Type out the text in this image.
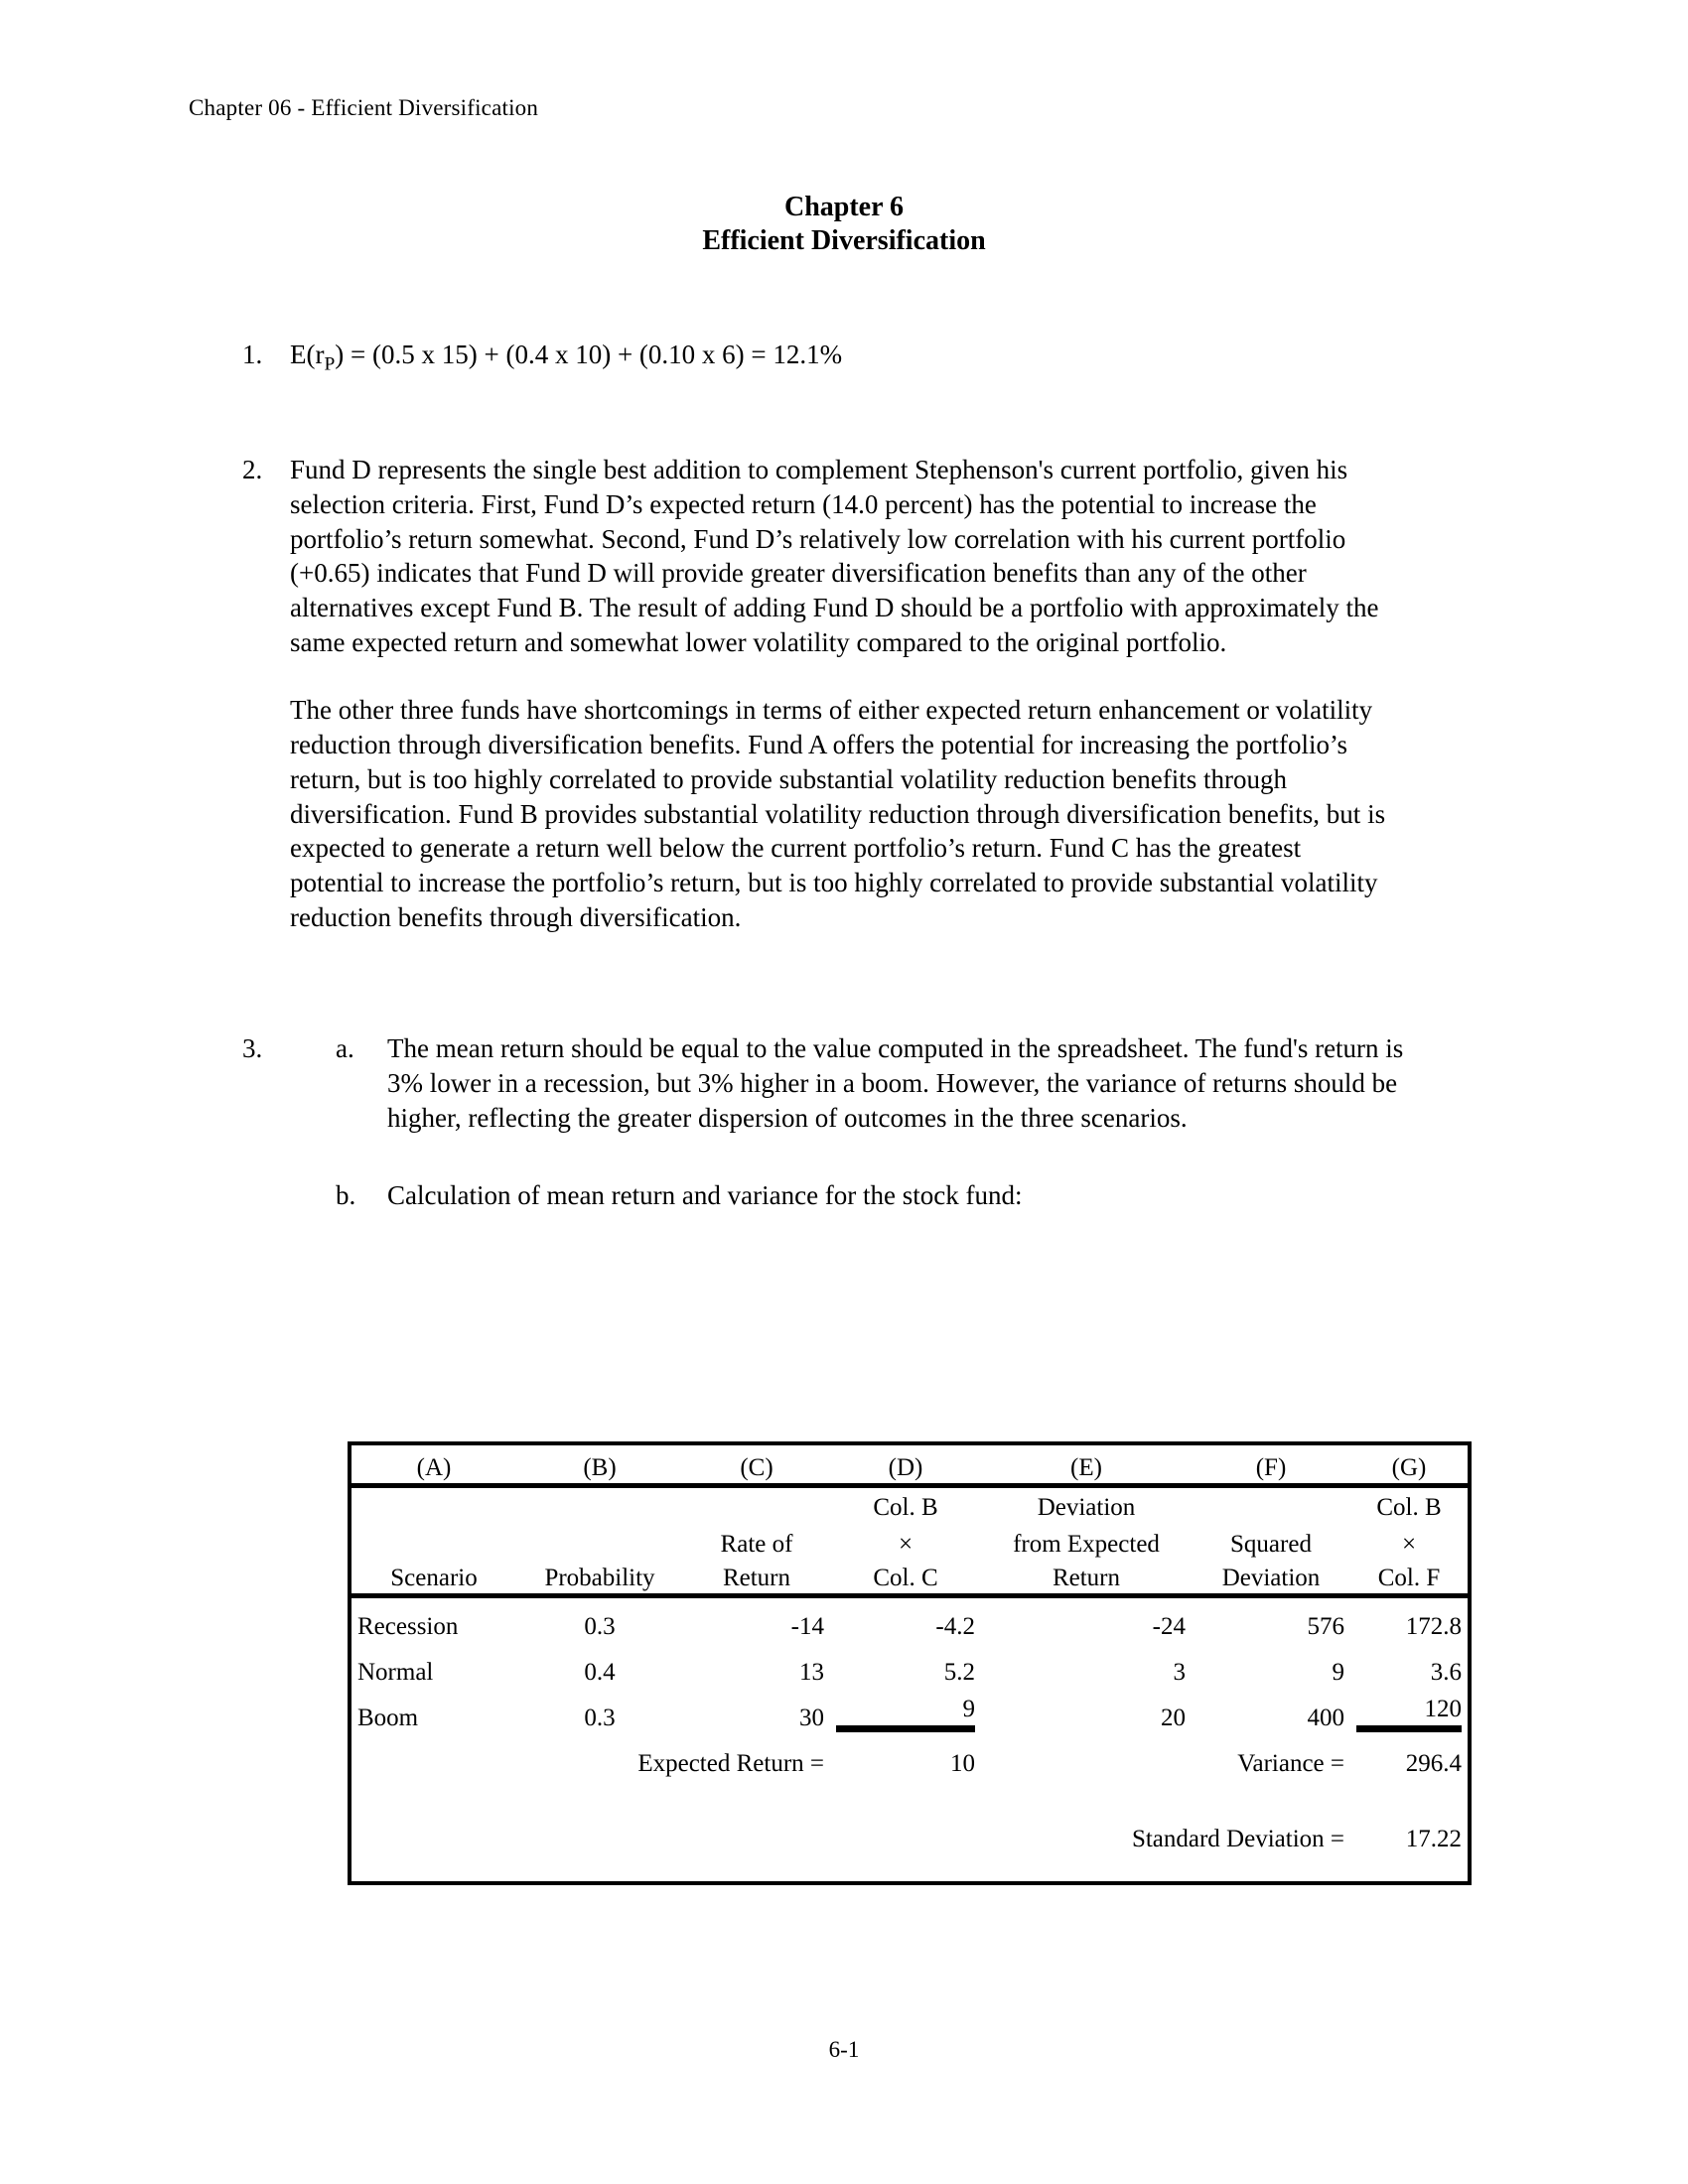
Chapter 06 - Efficient Diversification
Chapter 6
Efficient Diversification
1.	$E(r_P) = (0.5$ x 15) + (0.4 x 10) + (0.10 x 6) = 12.1%
2.	Fund D represents the single best addition to complement Stephenson's current portfolio, given his selection criteria. First, Fund D’s expected return (14.0 percent) has the potential to increase the portfolio’s return somewhat. Second, Fund D’s relatively low correlation with his current portfolio (+0.65) indicates that Fund D will provide greater diversification benefits than any of the other alternatives except Fund B. The result of adding Fund D should be a portfolio with approximately the same expected return and somewhat lower volatility compared to the original portfolio.

The other three funds have shortcomings in terms of either expected return enhancement or volatility reduction through diversification benefits. Fund A offers the potential for increasing the portfolio’s return, but is too highly correlated to provide substantial volatility reduction benefits through diversification. Fund B provides substantial volatility reduction through diversification benefits, but is expected to generate a return well below the current portfolio’s return. Fund C has the greatest potential to increase the portfolio’s return, but is too highly correlated to provide substantial volatility reduction benefits through diversification.

3.	a.	The mean return should be equal to the value computed in the spreadsheet. The fund's return is 3% lower in a recession, but 3% higher in a boom. However, the variance of returns should be higher, reflecting the greater dispersion of outcomes in the three scenarios.
b.	Calculation of mean return and variance for the stock fund:
(A)	(B)	(C)	(D)	(E)	(F)	(G)
			Col. B	Deviation		Col. B
		Rate of	×	from Expected	Squared	×
Scenario	Probability	Return	Col. C	Return	Deviation	Col. F
Recession	0.3	-14	-4.2	-24	576	172.8
Normal	0.4	13	5.2	3	9	3.6
Boom	0.3	30	9	20	400	120

	Expected Return =		10		Variance =	296.4

				Standard Deviation =		17.22

6-1
